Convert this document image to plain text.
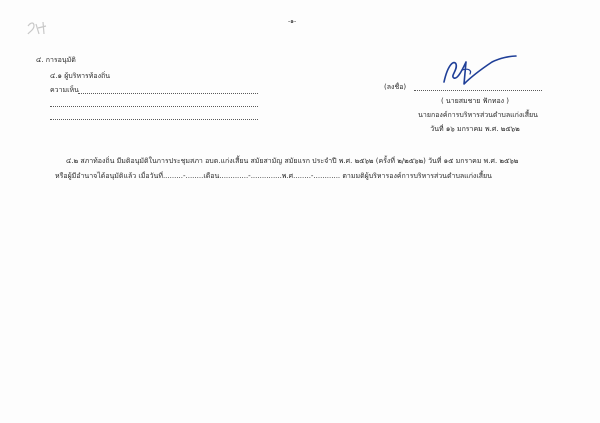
-๑-
๔. การอนุมัติ
๔.๑ ผู้บริหารท้องถิ่น
ความเห็น	(ลงชื่อ)
( นายสมชาย ฟักทอง )
นายกองค์การบริหารส่วนตำบลแก่งเสี้ยน
วันที่ ๑๖ มกราคม พ.ศ. ๒๕๖๒
๔.๒ สภาท้องถิ่น มีมติอนุมัติในการประชุมสภา อบต.แก่งเสี้ยน สมัยสามัญ สมัยแรก ประจำปี พ.ศ. ๒๕๖๒ (ครั้งที่ ๒/๒๕๖๒) วันที่ ๑๕ มกราคม พ.ศ. ๒๕๖๒
หรือผู้มีอำนาจได้อนุมัติแล้ว เมื่อวันที่.........-........เดือน.............-..............พ.ศ........-............ ตามมติผู้บริหารองค์การบริหารส่วนตำบลแก่งเสี้ยน
